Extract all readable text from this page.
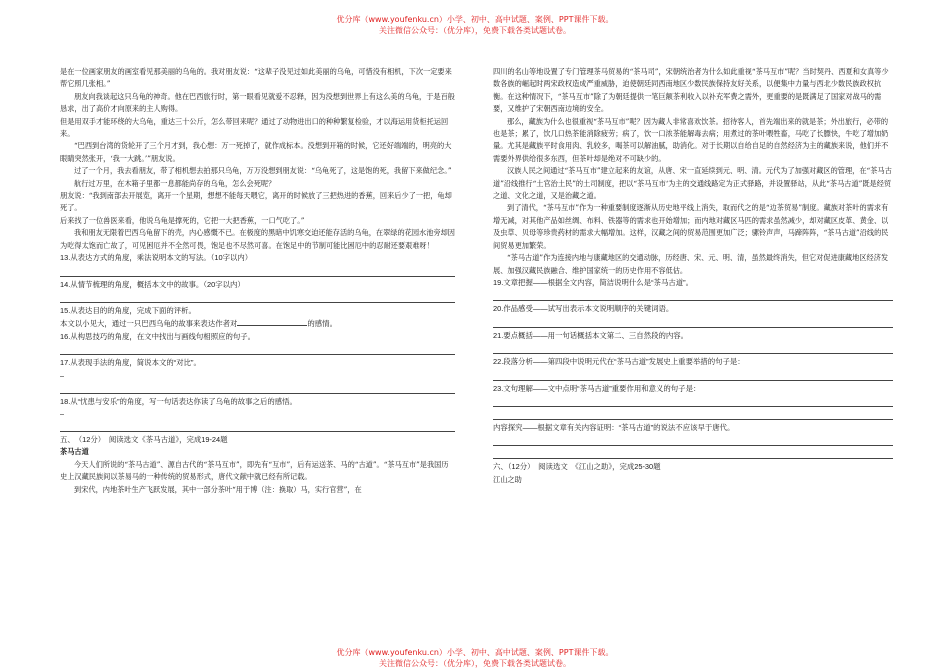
优分库（www.youfenku.cn）小学、初中、高中试题、案例、PPT课件下载。
关注微信公众号：（优分库），免费下载各类试题试卷。

是在一位画家朋友的画室看见那美丽的乌龟的。我对朋友说：“这辈子没见过如此美丽的乌龟，可惜没有相机，下次一定要来帮它照几张相。”

朋友向我谈起这只乌龟的神奇。他在巴西旅行时，第一眼看见就爱不忍释，因为没想到世界上有这么美的乌龟，于是百般恳求，出了高价才向原来的主人购得。

但是用双手才能环绕的大乌龟，重达三十公斤，怎么带回来呢？通过了动物进出口的种种繁复检验，才以海运用货柜托运回来。

“巴西到台湾的货轮开了三个月才到，我心想：万一死掉了，就作成标本。没想到开箱的时候，它还好端端的，明亮的大眼睛突然张开，‘我一大跳。’”朋友说。

过了一个月，我去看朋友，带了相机想去拍那只乌龟，万万没想到朋友说：“乌龟死了，这是饱的死，我留下来做纪念。”

航行过万里，在木箱子里都一息都能尚存的乌龟，怎么会死呢？

朋友说：“我到南部去开展览，离开一个星期，想想不能每天喂它，离开的时候放了三把热进的香蕉，回来后少了一把，龟却死了。

后来找了一位兽医来看，他说乌龟是撑死的，它把一大把香蕉，一口气吃了。”

我和朋友无限着巴西乌龟留下的壳，内心感慨不已。在极度的黑暗中饥寒交迫还能存活的乌龟，在翠绿的花园水池旁却因为吃得太饱而亡故了，可见困厄并不全然可畏，饱足也不尽然可喜。在饱足中的节制可能比困厄中的忍耐还要艰难呀！

13.从表达方式的角度，乘法说明本文的写法。（10字以内）

14.从情节梳理的角度，概括本文中的故事。（20字以内）

15.从表达目的的角度，完成下面的评析。

本文以小见大，通过一只巴西乌龟的故事来表达作者对	的感情。

16.从构思技巧的角度，在文中找出与画线句相照应的句子。

17.从表现手法的角度，简说本文的“对比”。

–

18.从“忧患与安乐”的角度，写一句话表达你读了乌龟的故事之后的感悟。

–

五、　（12分）　阅读选文《茶马古道》，完成19-24题

茶马古道

今天人们所说的“茶马古道”、源自古代的“茶马互市”，即先有“互市”，后有运送茶、马的“古道”。“茶马互市”是我国历史上汉藏民族间以茶易马的一种传统的贸易形式，唐代文献中就已经有所记载。

到宋代，内地茶叶生产飞跃发展，其中一部分茶叶“用于博（注：换取）马，实行官营”，在

四川的名山等地设置了专门管理茶马贸易的“茶马司”，宋朝统治者为什么如此重视“茶马互市”呢？当时契丹、西夏和女真等少数各族的崛起时两宋政权造成严重威胁，迫使朝廷同西南地区少数民族保持友好关系，以便集中力量与西北少数民族政权抗衡。在这种情况下，“茶马互市”除了为朝廷提供一笔巨额茶利收入以补充军费之需外，更重要的是既满足了国家对战马的需要，又维护了宋朝西南边境的安全。

那么，藏族为什么也很重视“茶马互市”呢？因为藏人非常喜欢饮茶。招待客人，首先端出来的就是茶；外出旅行，必带的也是茶；累了，饮几口热茶能消除疲劳；病了，饮一口浓茶能解毒去病；用煮过的茶叶喂牲畜，马吃了长膘快，牛吃了增加奶量。尤其是藏族平时食用肉、乳较多，喝茶可以解油腻，助消化。对于长期以自给自足的自然经济为主的藏族来说，他们并不需要外界供给很多东西，但茶叶却是绝对不可缺少的。

汉族人民之间通过“茶马互市”建立起来的友谊，从唐、宋一直延续到元、明、清。元代为了加强对藏区的管理，在“茶马古道”沿线推行“土官治土民”的土司制度，把以“茶马互市‘为主的交通线路定为正式驿路，并设置驿站，从此“茶马古道”既是经贸之道、文化之道，又是治藏之道。

到了清代，“茶马互市”作为一种重要制度逐渐从历史地平线上消失，取而代之的是“边茶贸易”制度。藏族对茶叶的需求有增无减，对其他产品如丝绸、布料、铁器等的需求也开始增加；而内地对藏区马匹的需求虽然减少，却对藏区皮革、黄金、以及虫草、贝母等珍贵药材的需求大幅增加。这样，汉藏之间的贸易范围更加广泛；骡铃声声，马蹄阵阵，“茶马古道”沿线的民间贸易更加繁荣。

“茶马古道”作为连接内地与康藏地区的交通动脉，历经唐、宋、元、明、清，虽然最终消失，但它对促进康藏地区经济发展、加强汉藏民族融合、维护国家统一的历史作用不容低估。

19.文章把握——根据全文内容，简洁说明什么是“茶马古道”。

20.作品感受——试写出表示本文说明顺序的关键词语。

21.要点概括——用一句话概括本文第二、三自然段的内容。

22.段落分析——第四段中说明元代在“茶马古道”发展史上重要举措的句子是：

23.文句理解——文中点明“茶马古道”重要作用和意义的句子是：

内容探究——根据文章有关内容证明：“茶马古道”的说法不应该早于唐代。

六、（12分）　阅读选文　《江山之助》，完成25-30题

江山之助

优分库（www.youfenku.cn）小学、初中、高中试题、案例、PPT课件下载。
关注微信公众号：（优分库），免费下载各类试题试卷。
